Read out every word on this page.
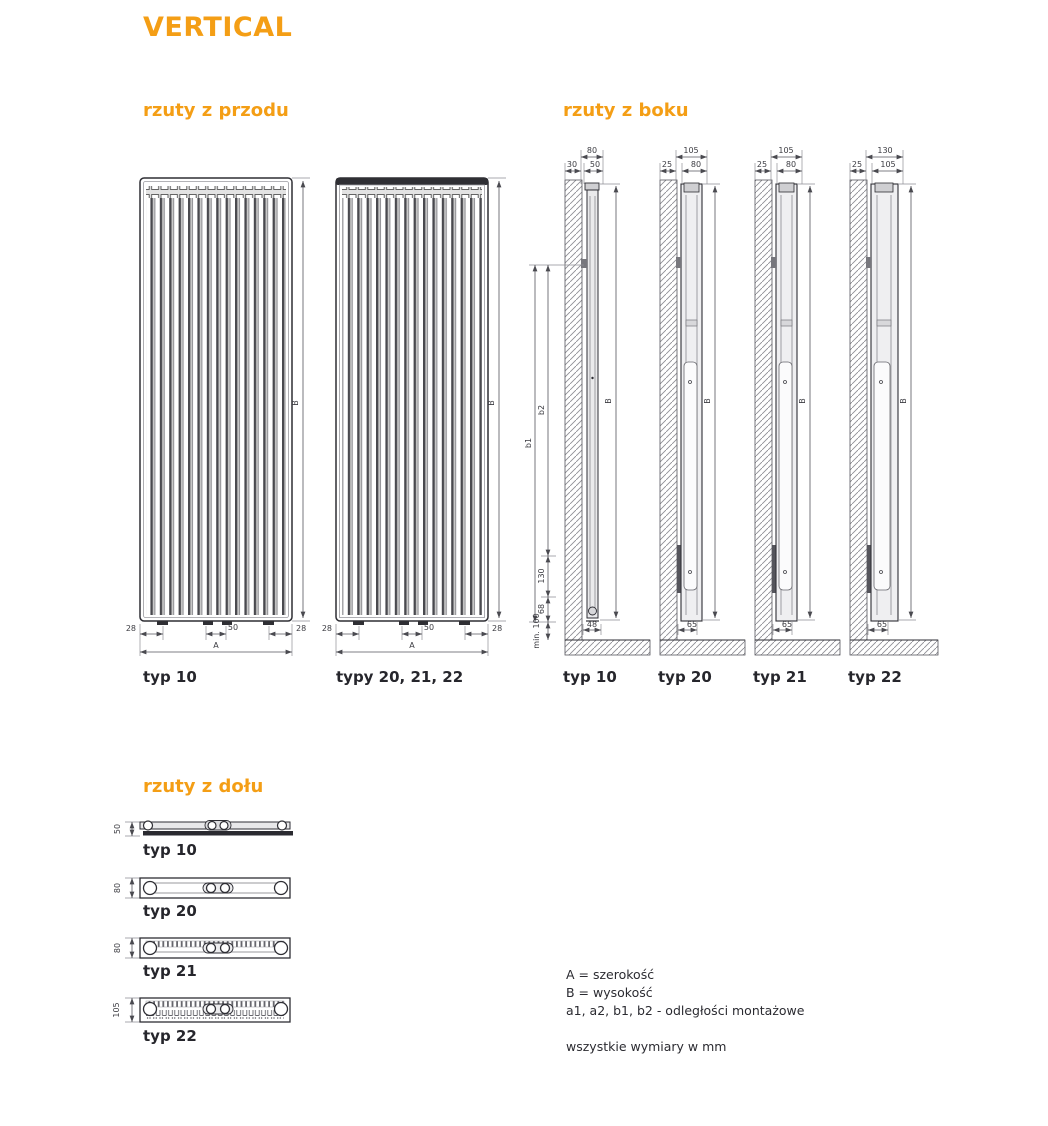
VERTICAL
rzuty z przodu	rzuty z boku
rzuty z dołu
typ 10	typy 20, 21, 22	typ 10	typ 20	typ 21	typ 22
typ 10
typ 20
typ 21
typ 22
A = szerokość
B = wysokość
a1, a2, b1, b2 - odległości montażowe
wszystkie wymiary w mm
B
28	50	28
A
B
28	50	28
A
80
30 50
b1
b2
130
68
min. 100
B
48
105
25 80
B
65
105
25 80
B
65
130
25 105
B
65
50
80
80
105
